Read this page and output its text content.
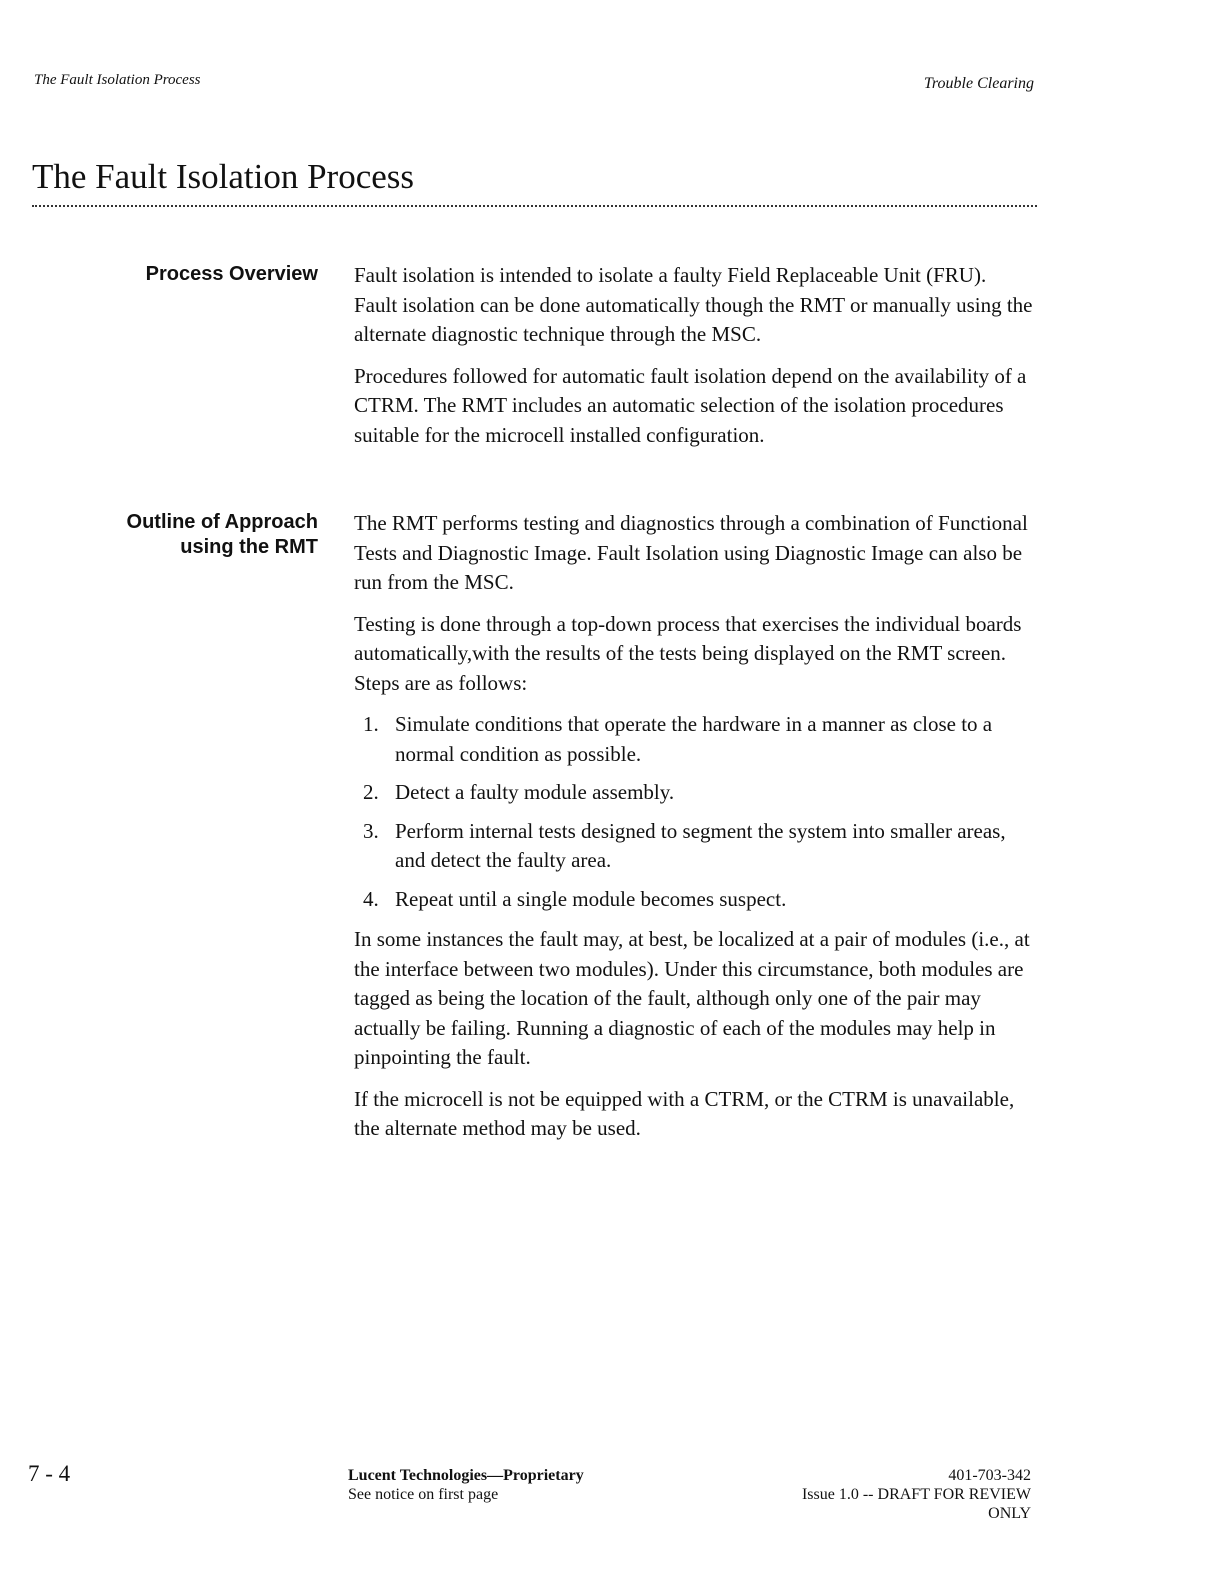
The Fault Isolation Process	Trouble Clearing
The Fault Isolation Process
Process Overview Fault isolation is intended to isolate a faulty Field Replaceable Unit (FRU). Fault isolation can be done automatically though the RMT or manually using the alternate diagnostic technique through the MSC.

Procedures followed for automatic fault isolation depend on the availability of a CTRM. The RMT includes an automatic selection of the isolation procedures suitable for the microcell installed configuration.

Outline of Approach
using the RMT

The RMT performs testing and diagnostics through a combination of Functional Tests and Diagnostic Image. Fault Isolation using Diagnostic Image can also be run from the MSC.

Testing is done through a top-down process that exercises the individual boards automatically,with the results of the tests being displayed on the RMT screen. Steps are as follows:

1. Simulate conditions that operate the hardware in a manner as close to a normal condition as possible.
2. Detect a faulty module assembly.
3. Perform internal tests designed to segment the system into smaller areas, and detect the faulty area.
4. Repeat until a single module becomes suspect.

In some instances the fault may, at best, be localized at a pair of modules (i.e., at the interface between two modules). Under this circumstance, both modules are tagged as being the location of the fault, although only one of the pair may actually be failing. Running a diagnostic of each of the modules may help in pinpointing the fault.

If the microcell is not be equipped with a CTRM, or the CTRM is unavailable, the alternate method may be used.

7 - 4	Lucent Technologies—Proprietary
See notice on first page
401-703-342
Issue 1.0 -- DRAFT FOR REVIEW
ONLY
